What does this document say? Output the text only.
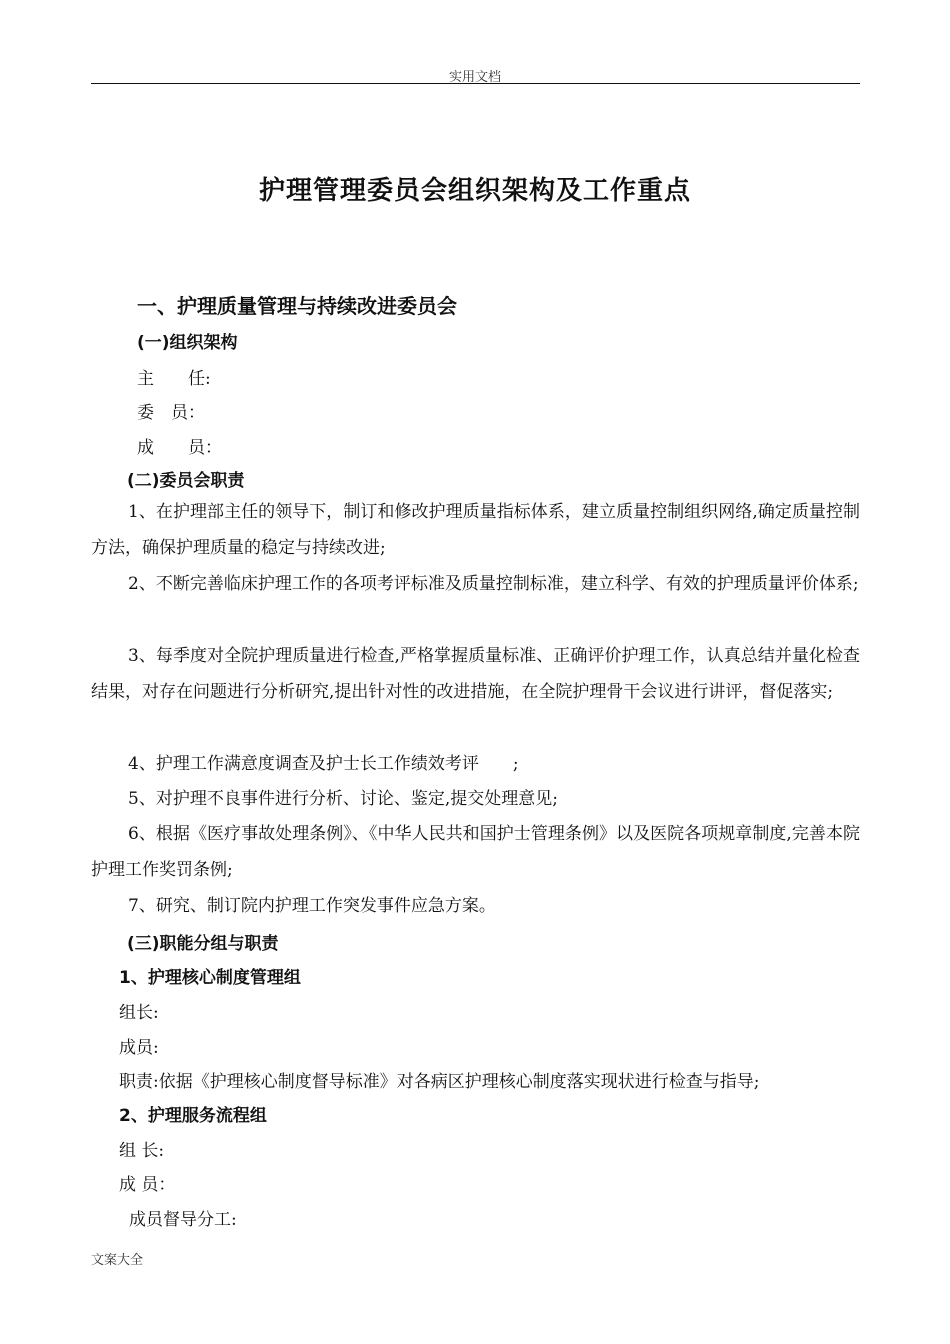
实用文档
护理管理委员会组织架构及工作重点
一、护理质量管理与持续改进委员会
(一)组织架构
主　　任:
委　员：
成　　员：
(二)委员会职责

1、在护理部主任的领导下，制订和修改护理质量指标体系，建立质量控制组织网络,确定质量控制方法，确保护理质量的稳定与持续改进;

2、不断完善临床护理工作的各项考评标准及质量控制标准，建立科学、有效的护理质量评价体系;

3、每季度对全院护理质量进行检查,严格掌握质量标准、正确评价护理工作，认真总结并量化检查结果，对存在问题进行分析研究,提出针对性的改进措施，在全院护理骨干会议进行讲评，督促落实;

4、护理工作满意度调查及护士长工作绩效考评　　;

5、对护理不良事件进行分析、讨论、鉴定,提交处理意见;

6、根据《医疗事故处理条例》、《中华人民共和国护士管理条例》以及医院各项规章制度,完善本院护理工作奖罚条例;

7、研究、制订院内护理工作突发事件应急方案。

(三)职能分组与职责
1、护理核心制度管理组
组长:
成员:
职责:依据《护理核心制度督导标准》对各病区护理核心制度落实现状进行检查与指导;
2、护理服务流程组
组 长:
成 员：
成员督导分工:
文案大全
